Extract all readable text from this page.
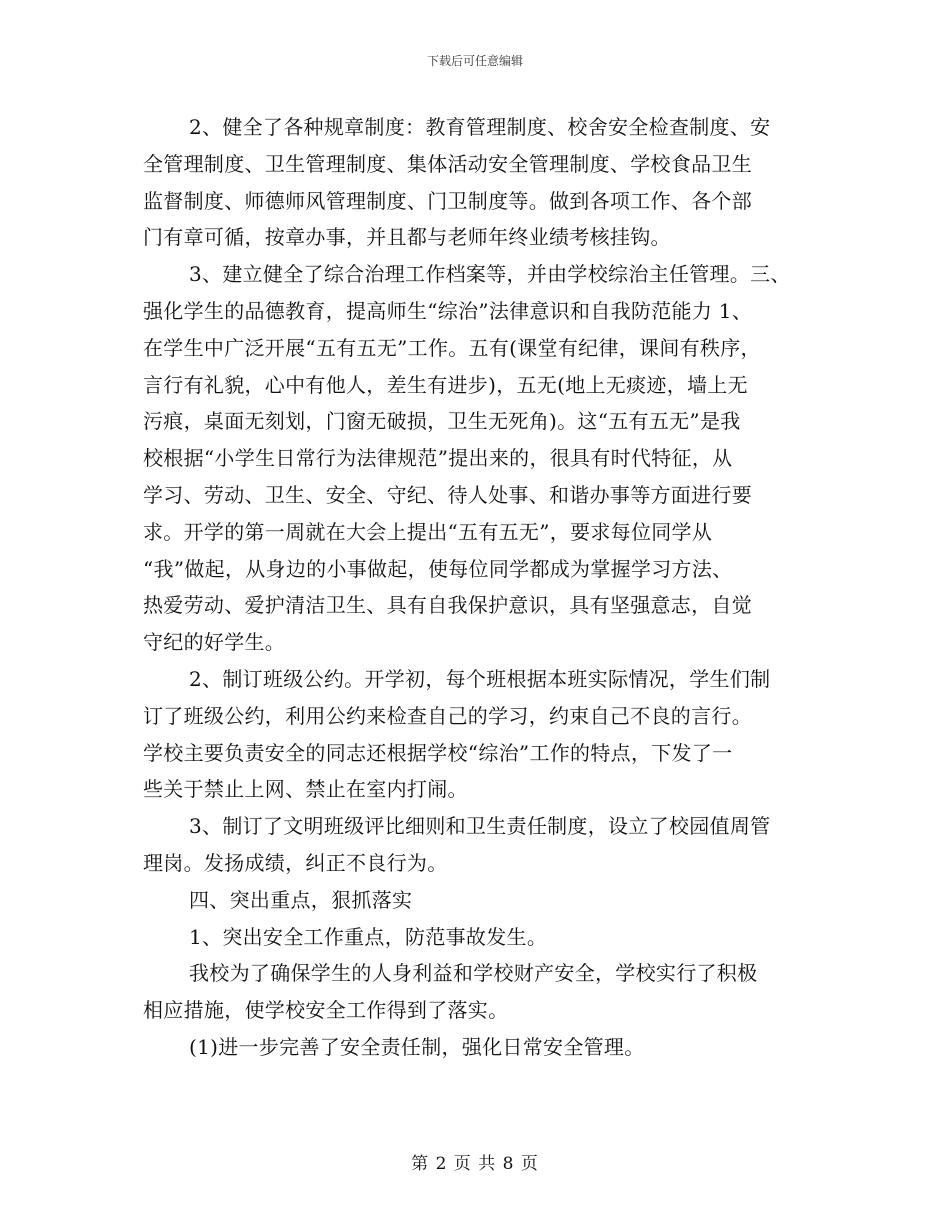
下载后可任意编辑
2、健全了各种规章制度：教育管理制度、校舍安全检查制度、安
全管理制度、卫生管理制度、集体活动安全管理制度、学校食品卫生
监督制度、师德师风管理制度、门卫制度等。做到各项工作、各个部
门有章可循，按章办事，并且都与老师年终业绩考核挂钩。
3、建立健全了综合治理工作档案等，并由学校综治主任管理。三、
强化学生的品德教育，提高师生“综治”法律意识和自我防范能力 1、
在学生中广泛开展“五有五无”工作。五有(课堂有纪律，课间有秩序，
言行有礼貌，心中有他人，差生有进步)，五无(地上无痰迹，墙上无
污痕，桌面无刻划，门窗无破损，卫生无死角)。这“五有五无”是我
校根据“小学生日常行为法律规范”提出来的，很具有时代特征，从
学习、劳动、卫生、安全、守纪、待人处事、和谐办事等方面进行要
求。开学的第一周就在大会上提出“五有五无”，要求每位同学从
“我”做起，从身边的小事做起，使每位同学都成为掌握学习方法、
热爱劳动、爱护清洁卫生、具有自我保护意识，具有坚强意志，自觉
守纪的好学生。
2、制订班级公约。开学初，每个班根据本班实际情况，学生们制
订了班级公约，利用公约来检查自己的学习，约束自己不良的言行。
学校主要负责安全的同志还根据学校“综治”工作的特点，下发了一
些关于禁止上网、禁止在室内打闹。
3、制订了文明班级评比细则和卫生责任制度，设立了校园值周管
理岗。发扬成绩，纠正不良行为。
四、突出重点，狠抓落实
1、突出安全工作重点，防范事故发生。
我校为了确保学生的人身利益和学校财产安全，学校实行了积极
相应措施，使学校安全工作得到了落实。
(1)进一步完善了安全责任制，强化日常安全管理。
第 2 页 共 8 页
